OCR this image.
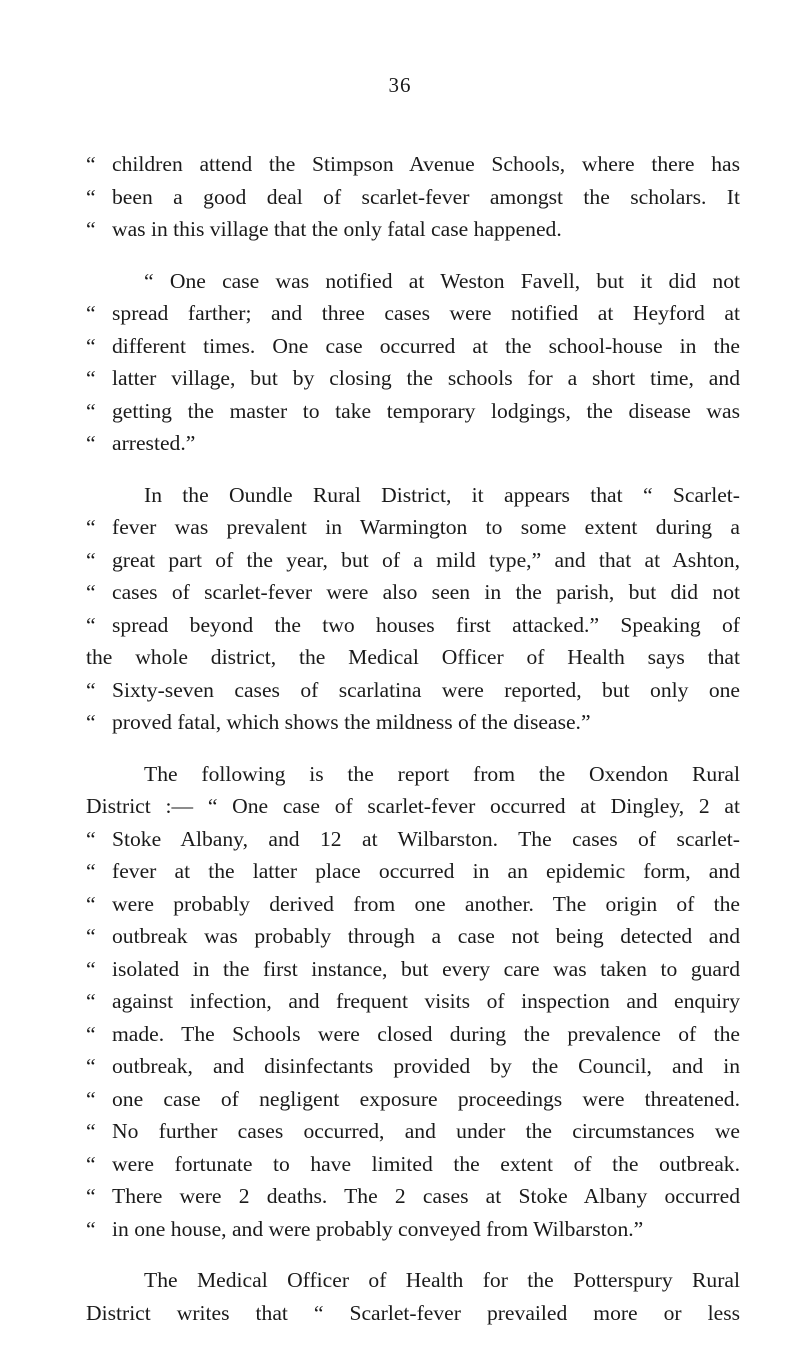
36
“ children attend the Stimpson Avenue Schools, where there has
“ been a good deal of scarlet-fever amongst the scholars. It
“ was in this village that the only fatal case happened.
“ One case was notified at Weston Favell, but it did not
“ spread farther; and three cases were notified at Heyford at
“ different times. One case occurred at the school-house in the
“ latter village, but by closing the schools for a short time, and
“ getting the master to take temporary lodgings, the disease was
“ arrested.”
In the Oundle Rural District, it appears that “ Scarlet-
“ fever was prevalent in Warmington to some extent during a
“ great part of the year, but of a mild type,” and that at Ashton,
“ cases of scarlet-fever were also seen in the parish, but did not
“ spread beyond the two houses first attacked.” Speaking of
the whole district, the Medical Officer of Health says that
“ Sixty-seven cases of scarlatina were reported, but only one
“ proved fatal, which shows the mildness of the disease.”
The following is the report from the Oxendon Rural
District :— “ One case of scarlet-fever occurred at Dingley, 2 at
“ Stoke Albany, and 12 at Wilbarston. The cases of scarlet-
“ fever at the latter place occurred in an epidemic form, and
“ were probably derived from one another. The origin of the
“ outbreak was probably through a case not being detected and
“ isolated in the first instance, but every care was taken to guard
“ against infection, and frequent visits of inspection and enquiry
“ made. The Schools were closed during the prevalence of the
“ outbreak, and disinfectants provided by the Council, and in
“ one case of negligent exposure proceedings were threatened.
“ No further cases occurred, and under the circumstances we
“ were fortunate to have limited the extent of the outbreak.
“ There were 2 deaths. The 2 cases at Stoke Albany occurred
“ in one house, and were probably conveyed from Wilbarston.”
The Medical Officer of Health for the Potterspury Rural
District writes that “ Scarlet-fever prevailed more or less
